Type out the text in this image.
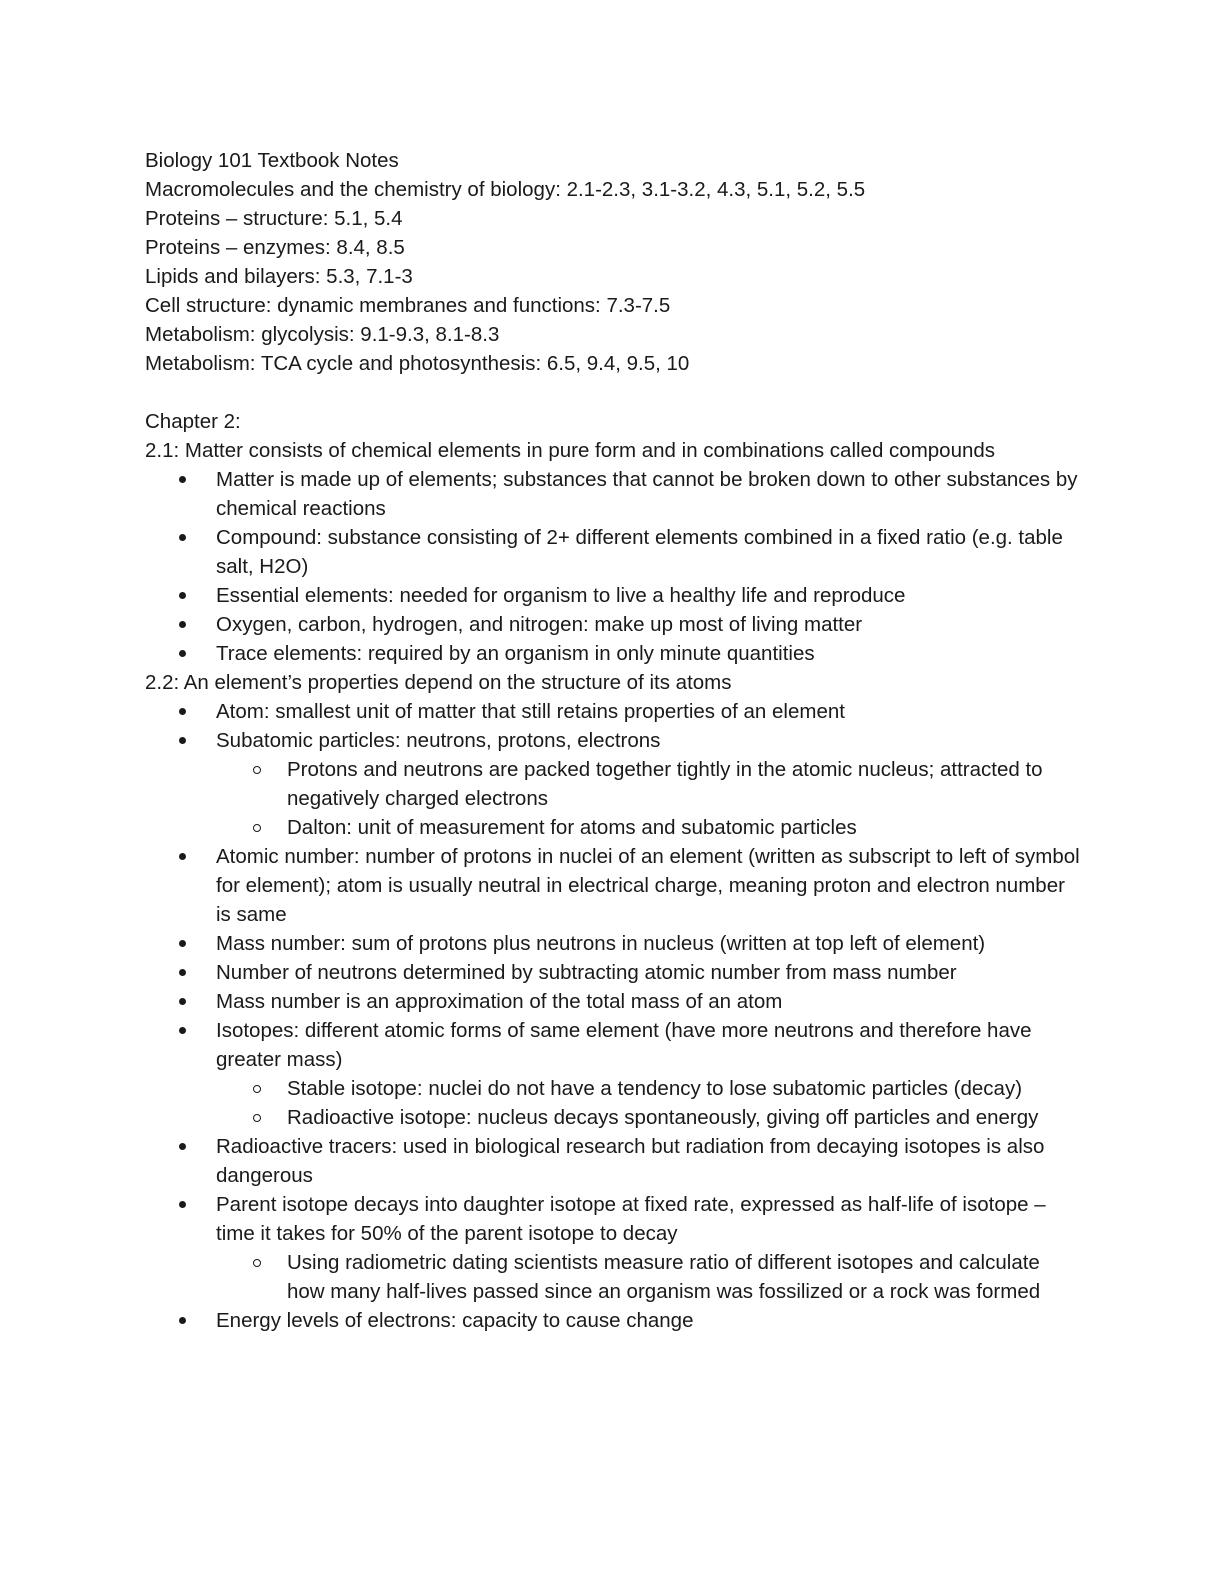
Biology 101 Textbook Notes
Macromolecules and the chemistry of biology: 2.1-2.3, 3.1-3.2, 4.3, 5.1, 5.2, 5.5
Proteins – structure: 5.1, 5.4
Proteins – enzymes: 8.4, 8.5
Lipids and bilayers: 5.3, 7.1-3
Cell structure: dynamic membranes and functions: 7.3-7.5
Metabolism: glycolysis: 9.1-9.3, 8.1-8.3
Metabolism: TCA cycle and photosynthesis: 6.5, 9.4, 9.5, 10
Chapter 2:
2.1: Matter consists of chemical elements in pure form and in combinations called compounds
Matter is made up of elements; substances that cannot be broken down to other substances by chemical reactions
Compound: substance consisting of 2+ different elements combined in a fixed ratio (e.g. table salt, H2O)
Essential elements: needed for organism to live a healthy life and reproduce
Oxygen, carbon, hydrogen, and nitrogen: make up most of living matter
Trace elements: required by an organism in only minute quantities
2.2: An element’s properties depend on the structure of its atoms
Atom: smallest unit of matter that still retains properties of an element
Subatomic particles: neutrons, protons, electrons
Protons and neutrons are packed together tightly in the atomic nucleus; attracted to negatively charged electrons
Dalton: unit of measurement for atoms and subatomic particles
Atomic number: number of protons in nuclei of an element (written as subscript to left of symbol for element); atom is usually neutral in electrical charge, meaning proton and electron number is same
Mass number: sum of protons plus neutrons in nucleus (written at top left of element)
Number of neutrons determined by subtracting atomic number from mass number
Mass number is an approximation of the total mass of an atom
Isotopes: different atomic forms of same element (have more neutrons and therefore have greater mass)
Stable isotope: nuclei do not have a tendency to lose subatomic particles (decay)
Radioactive isotope: nucleus decays spontaneously, giving off particles and energy
Radioactive tracers: used in biological research but radiation from decaying isotopes is also dangerous
Parent isotope decays into daughter isotope at fixed rate, expressed as half-life of isotope – time it takes for 50% of the parent isotope to decay
Using radiometric dating scientists measure ratio of different isotopes and calculate how many half-lives passed since an organism was fossilized or a rock was formed
Energy levels of electrons: capacity to cause change
